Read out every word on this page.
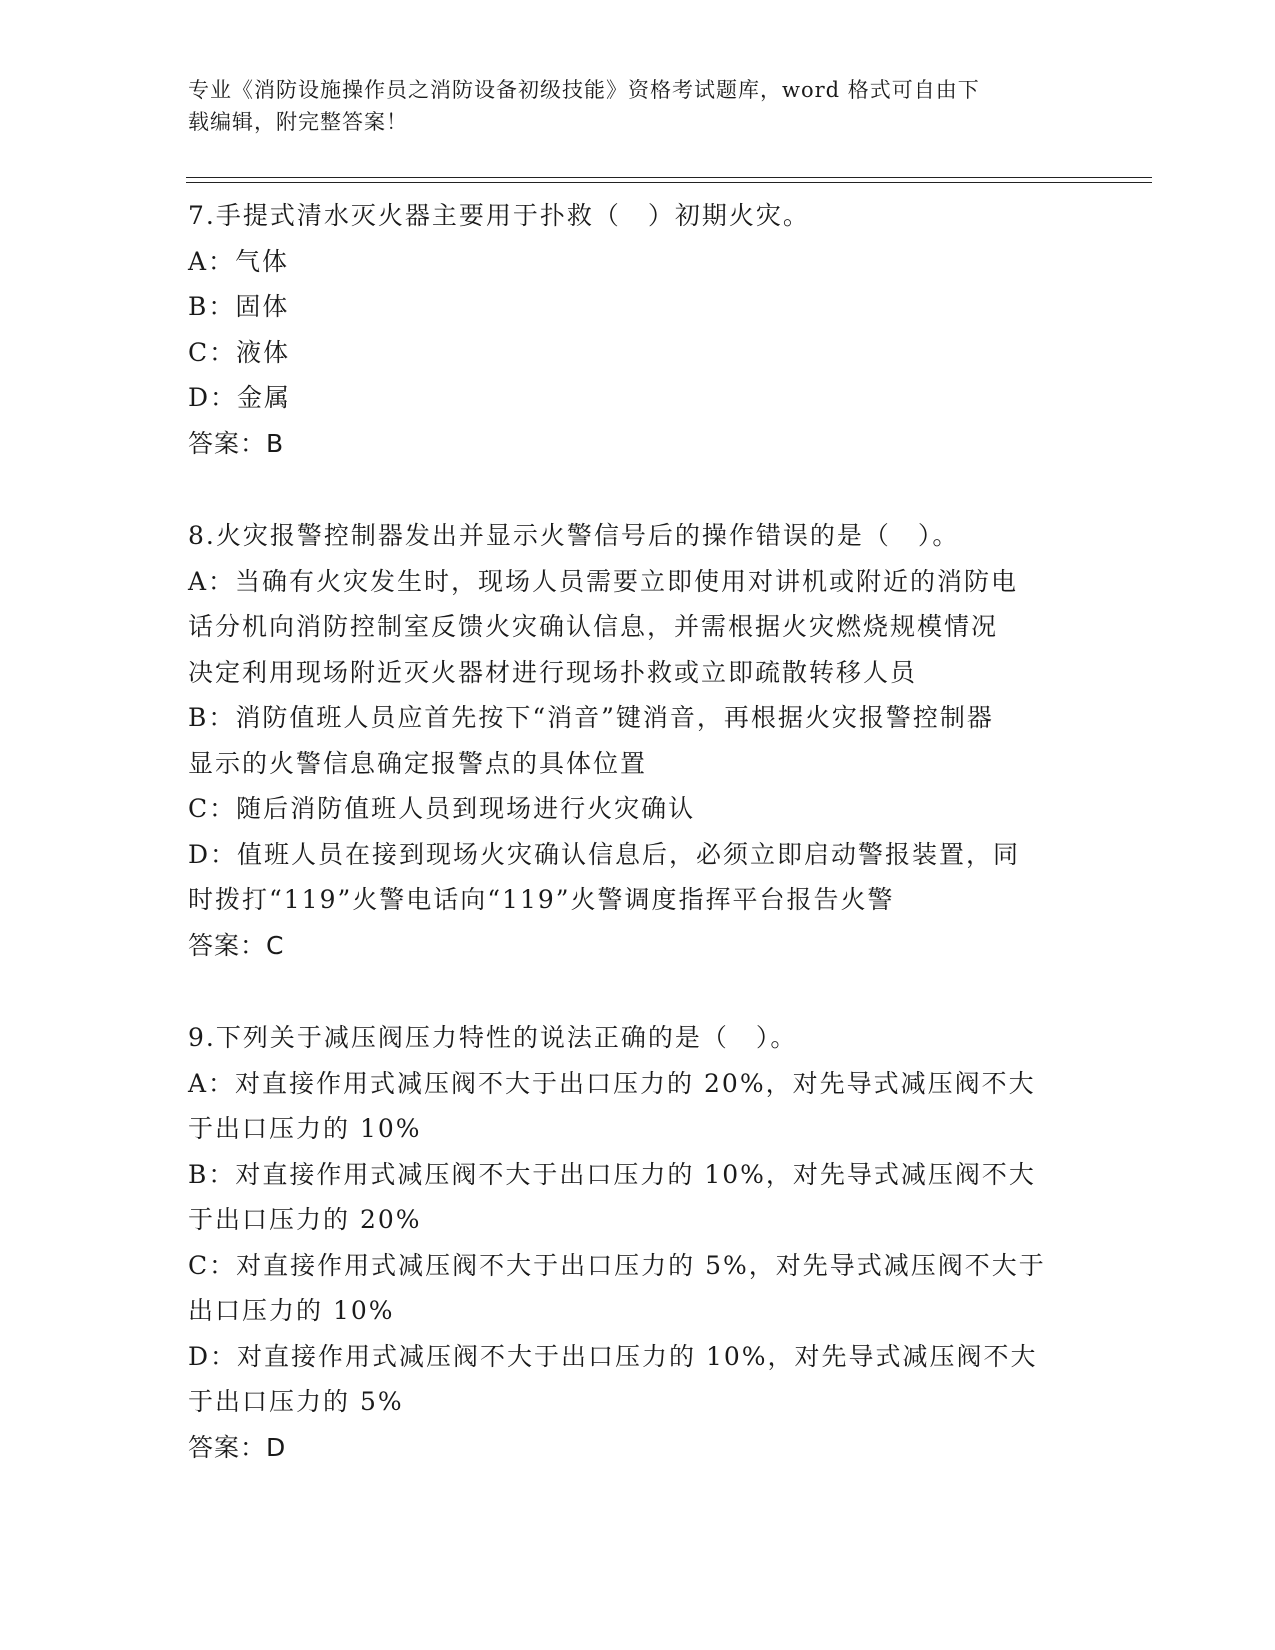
专业《消防设施操作员之消防设备初级技能》资格考试题库，word 格式可自由下
载编辑，附完整答案！
7.手提式清水灭火器主要用于扑救（　）初期火灾。
A：气体
B：固体
C：液体
D：金属
答案：B
8.火灾报警控制器发出并显示火警信号后的操作错误的是（　）。
A：当确有火灾发生时，现场人员需要立即使用对讲机或附近的消防电
话分机向消防控制室反馈火灾确认信息，并需根据火灾燃烧规模情况
决定利用现场附近灭火器材进行现场扑救或立即疏散转移人员
B：消防值班人员应首先按下“消音”键消音，再根据火灾报警控制器
显示的火警信息确定报警点的具体位置
C：随后消防值班人员到现场进行火灾确认
D：值班人员在接到现场火灾确认信息后，必须立即启动警报装置，同
时拨打“119”火警电话向“119”火警调度指挥平台报告火警
答案：C
9.下列关于减压阀压力特性的说法正确的是（　）。
A：对直接作用式减压阀不大于出口压力的 20%，对先导式减压阀不大
于出口压力的 10%
B：对直接作用式减压阀不大于出口压力的 10%，对先导式减压阀不大
于出口压力的 20%
C：对直接作用式减压阀不大于出口压力的 5%，对先导式减压阀不大于
出口压力的 10%
D：对直接作用式减压阀不大于出口压力的 10%，对先导式减压阀不大
于出口压力的 5%
答案：D
